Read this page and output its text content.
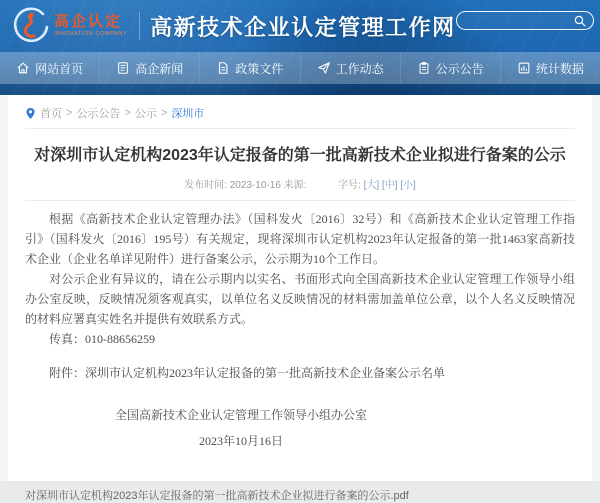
高企认定
INNOVATION COMPANY 高新技术企业认定管理工作网
网站首页	高企新闻	政策文件	工作动态	公示公告	统计数据
首页 > 公示公告 > 公示 > 深圳市
对深圳市认定机构2023年认定报备的第一批高新技术企业拟进行备案的公示
发布时间: 2023-10-16 来源:	字号: [大] [中] [小]

根据《高新技术企业认定管理办法》（国科发火〔2016〕32号）和《高新技术企业认定管理工作指引》（国科发火〔2016〕195号）有关规定，现将深圳市认定机构2023年认定报备的第一批1463家高新技术企业（企业名单详见附件）进行备案公示，公示期为10个工作日。

对公示企业有异议的，请在公示期内以实名、书面形式向全国高新技术企业认定管理工作领导小组办公室反映，反映情况须客观真实，以单位名义反映情况的材料需加盖单位公章，以个人名义反映情况的材料应署真实姓名并提供有效联系方式。

传真：010-88656259
附件：深圳市认定机构2023年认定报备的第一批高新技术企业备案公示名单
全国高新技术企业认定管理工作领导小组办公室
2023年10月16日
对深圳市认定机构2023年认定报备的第一批高新技术企业拟进行备案的公示.pdf
